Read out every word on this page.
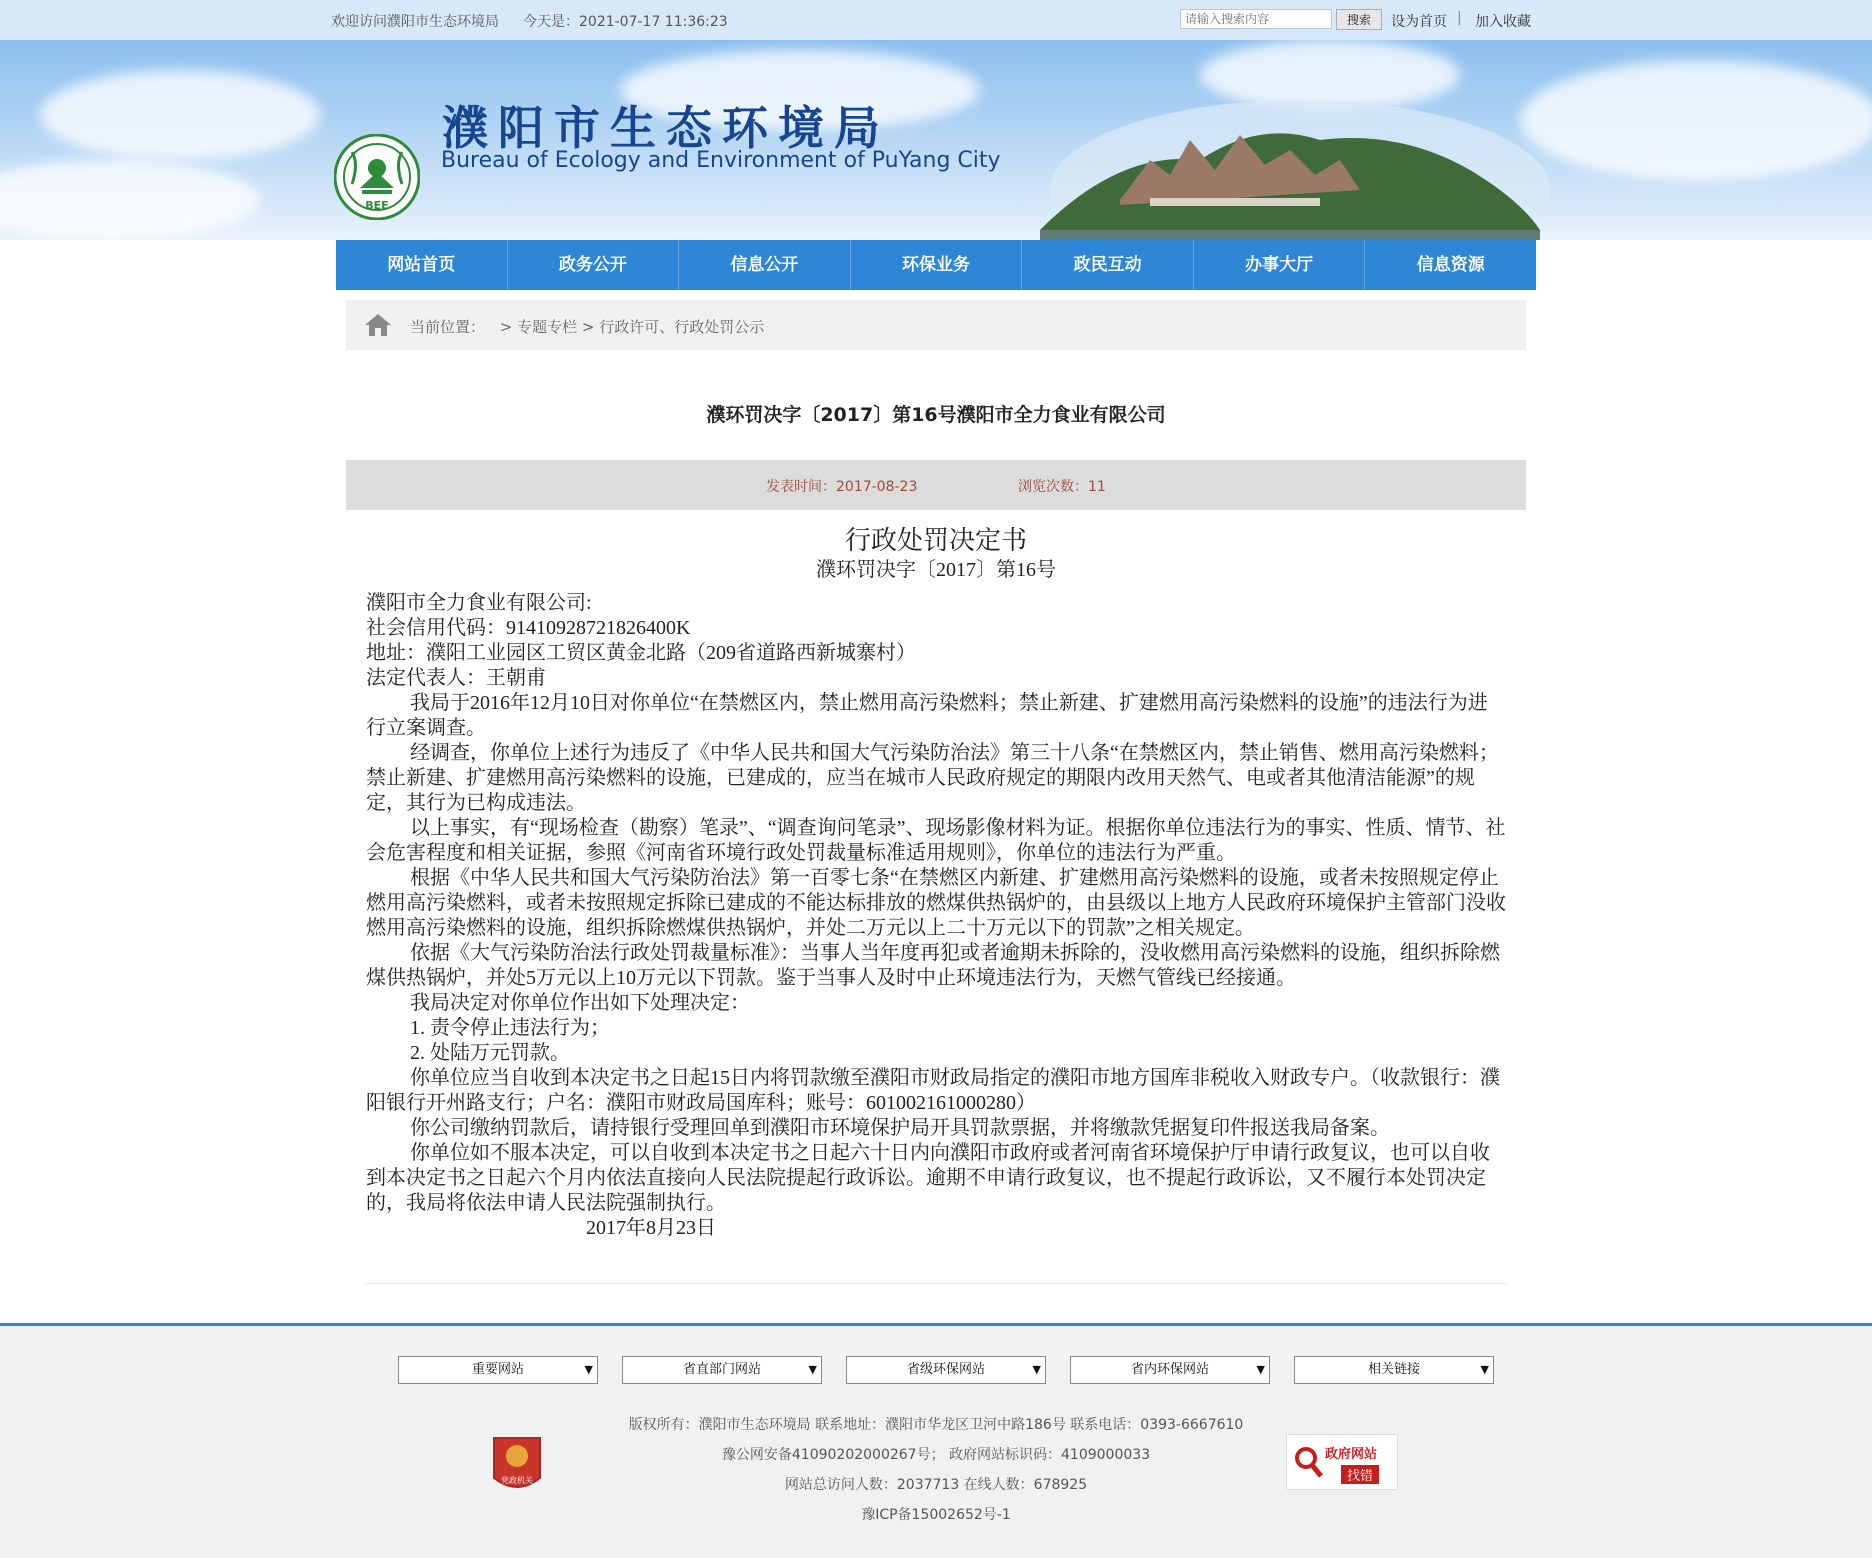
欢迎访问濮阳市生态环境局 今天是：2021-07-17 11:36:23
请输入搜索内容	搜索	设为首页 | 加入收藏
BEE
濮阳市生态环境局
Bureau of Ecology and Environment of PuYang City
网站首页	政务公开	信息公开	环保业务	政民互动	办事大厅	信息资源
当前位置： > 专题专栏 > 行政许可、行政处罚公示
濮环罚决字〔2017〕第16号濮阳市全力食业有限公司
发表时间：2017-08-23	浏览次数：11
行政处罚决定书
濮环罚决字〔2017〕第16号

濮阳市全力食业有限公司:

社会信用代码：91410928721826400K

地址：濮阳工业园区工贸区黄金北路（209省道路西新城寨村）

法定代表人：王朝甫

我局于2016年12月10日对你单位“在禁燃区内，禁止燃用高污染燃料；禁止新建、扩建燃用高污染燃料的设施”的违法行为进行立案调查。

经调查，你单位上述行为违反了《中华人民共和国大气污染防治法》第三十八条“在禁燃区内，禁止销售、燃用高污染燃料；禁止新建、扩建燃用高污染燃料的设施，已建成的，应当在城市人民政府规定的期限内改用天然气、电或者其他清洁能源”的规定，其行为已构成违法。

以上事实，有“现场检查（勘察）笔录”、“调查询问笔录”、现场影像材料为证。根据你单位违法行为的事实、性质、情节、社会危害程度和相关证据，参照《河南省环境行政处罚裁量标准适用规则》，你单位的违法行为严重。

根据《中华人民共和国大气污染防治法》第一百零七条“在禁燃区内新建、扩建燃用高污染燃料的设施，或者未按照规定停止燃用高污染燃料，或者未按照规定拆除已建成的不能达标排放的燃煤供热锅炉的，由县级以上地方人民政府环境保护主管部门没收燃用高污染燃料的设施，组织拆除燃煤供热锅炉，并处二万元以上二十万元以下的罚款”之相关规定。

依据《大气污染防治法行政处罚裁量标准》：当事人当年度再犯或者逾期未拆除的，没收燃用高污染燃料的设施，组织拆除燃煤供热锅炉，并处5万元以上10万元以下罚款。鉴于当事人及时中止环境违法行为，天燃气管线已经接通。

我局决定对你单位作出如下处理决定：

1. 责令停止违法行为；

2. 处陆万元罚款。

你单位应当自收到本决定书之日起15日内将罚款缴至濮阳市财政局指定的濮阳市地方国库非税收入财政专户。（收款银行：濮阳银行开州路支行；户名：濮阳市财政局国库科；账号：601002161000280）

你公司缴纳罚款后，请持银行受理回单到濮阳市环境保护局开具罚款票据，并将缴款凭据复印件报送我局备案。

你单位如不服本决定，可以自收到本决定书之日起六十日内向濮阳市政府或者河南省环境保护厅申请行政复议，也可以自收到本决定书之日起六个月内依法直接向人民法院提起行政诉讼。逾期不申请行政复议，也不提起行政诉讼，又不履行本处罚决定的，我局将依法申请人民法院强制执行。

2017年8月23日

重要网站	▼	省直部门网站	▼	省级环保网站	▼	省内环保网站	▼	相关链接	▼
版权所有：濮阳市生态环境局 联系地址：濮阳市华龙区卫河中路186号 联系电话：0393-6667610
豫公网安备41090202000267号； 政府网站标识码：4109000033
网站总访问人数：2037713 在线人数：678925
豫ICP备15002652号-1
党政机关
政府网站
找错
